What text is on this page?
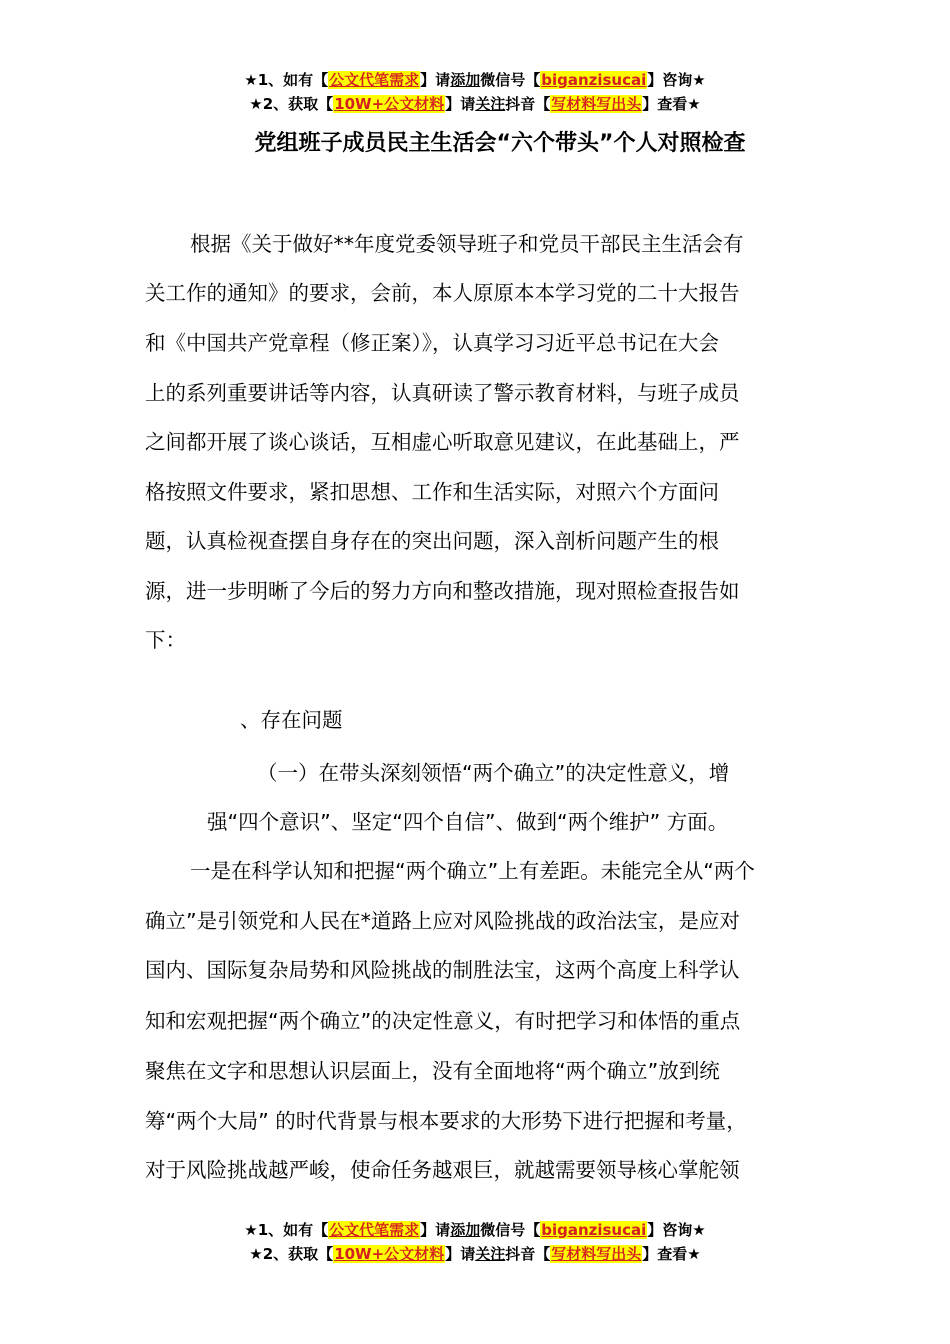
★1、如有【公文代笔需求】请添加微信号【biganzisucai】咨询★
★2、获取【10W+公文材料】请关注抖音【写材料写出头】查看★
党组班子成员民主生活会“六个带头”个人对照检查
根据《关于做好**年度党委领导班子和党员干部民主生活会有
关工作的通知》的要求，会前，本人原原本本学习党的二十大报告
和《中国共产党章程（修正案）》，认真学习习近平总书记在大会
上的系列重要讲话等内容，认真研读了警示教育材料，与班子成员
之间都开展了谈心谈话，互相虚心听取意见建议，在此基础上，严
格按照文件要求，紧扣思想、工作和生活实际，对照六个方面问
题，认真检视查摆自身存在的突出问题，深入剖析问题产生的根
源，进一步明晰了今后的努力方向和整改措施，现对照检查报告如
下：
、存在问题
（一）在带头深刻领悟“两个确立”的决定性意义，增
强“四个意识”、坚定“四个自信”、做到“两个维护” 方面。
一是在科学认知和把握“两个确立”上有差距。未能完全从“两个
确立”是引领党和人民在*道路上应对风险挑战的政治法宝，是应对
国内、国际复杂局势和风险挑战的制胜法宝，这两个高度上科学认
知和宏观把握“两个确立”的决定性意义，有时把学习和体悟的重点
聚焦在文字和思想认识层面上，没有全面地将“两个确立”放到统
筹“两个大局” 的时代背景与根本要求的大形势下进行把握和考量，
对于风险挑战越严峻，使命任务越艰巨，就越需要领导核心掌舵领
★1、如有【公文代笔需求】请添加微信号【biganzisucai】咨询★
★2、获取【10W+公文材料】请关注抖音【写材料写出头】查看★
